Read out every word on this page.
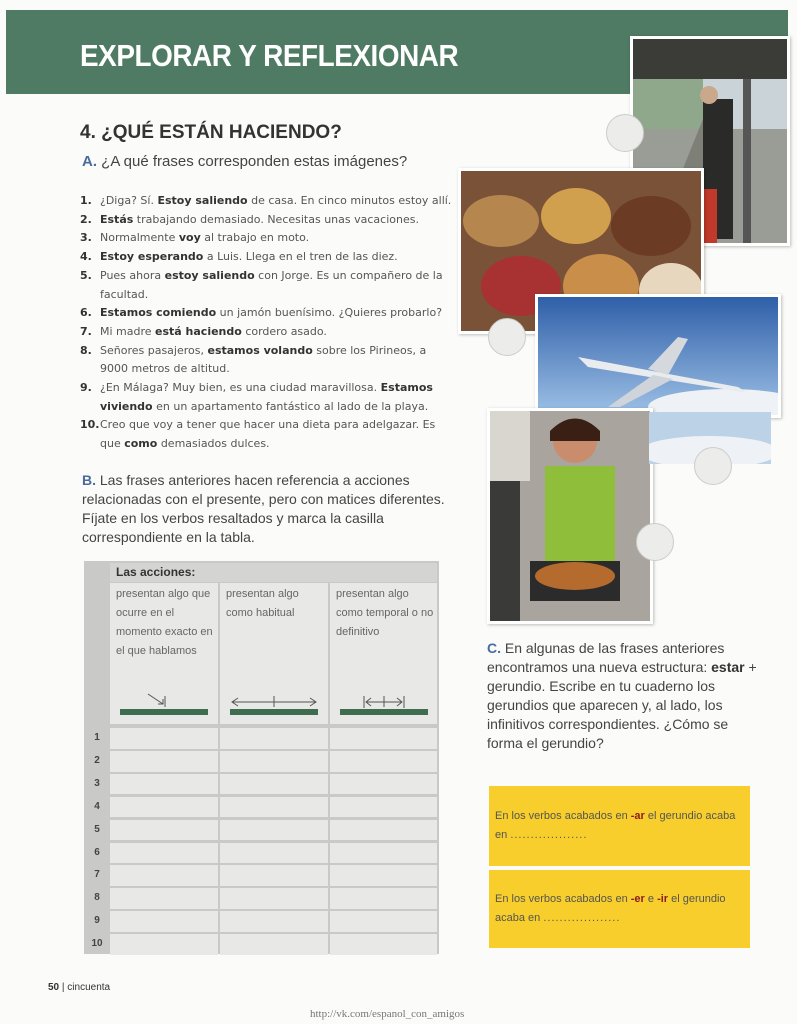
EXPLORAR Y REFLEXIONAR
4. ¿QUÉ ESTÁN HACIENDO?
A. ¿A qué frases corresponden estas imágenes?
1. ¿Diga? Sí. Estoy saliendo de casa. En cinco minutos estoy allí.
2. Estás trabajando demasiado. Necesitas unas vacaciones.
3. Normalmente voy al trabajo en moto.
4. Estoy esperando a Luis. Llega en el tren de las diez.
5. Pues ahora estoy saliendo con Jorge. Es un compañero de la facultad.
6. Estamos comiendo un jamón buenísimo. ¿Quieres probarlo?
7. Mi madre está haciendo cordero asado.
8. Señores pasajeros, estamos volando sobre los Pirineos, a 9000 metros de altitud.
9. ¿En Málaga? Muy bien, es una ciudad maravillosa. Estamos viviendo en un apartamento fantástico al lado de la playa.
10. Creo que voy a tener que hacer una dieta para adelgazar. Es que como demasiados dulces.
B. Las frases anteriores hacen referencia a acciones relacionadas con el presente, pero con matices diferentes. Fíjate en los verbos resaltados y marca la casilla correspondiente en la tabla.
Las acciones:
presentan algo que ocurre en el momento exacto en el que hablamos
presentan algo como habitual
presentan algo como temporal o no definitivo
1
2
3
4
5
6
7
8
9
10
C. En algunas de las frases anteriores encontramos una nueva estructura: estar + gerundio. Escribe en tu cuaderno los gerundios que aparecen y, al lado, los infinitivos correspondientes. ¿Cómo se forma el gerundio?
En los verbos acabados en -ar el gerundio acaba en ...................
En los verbos acabados en -er e -ir el gerundio acaba en ...................
50 | cincuenta
http://vk.com/espanol_con_amigos
